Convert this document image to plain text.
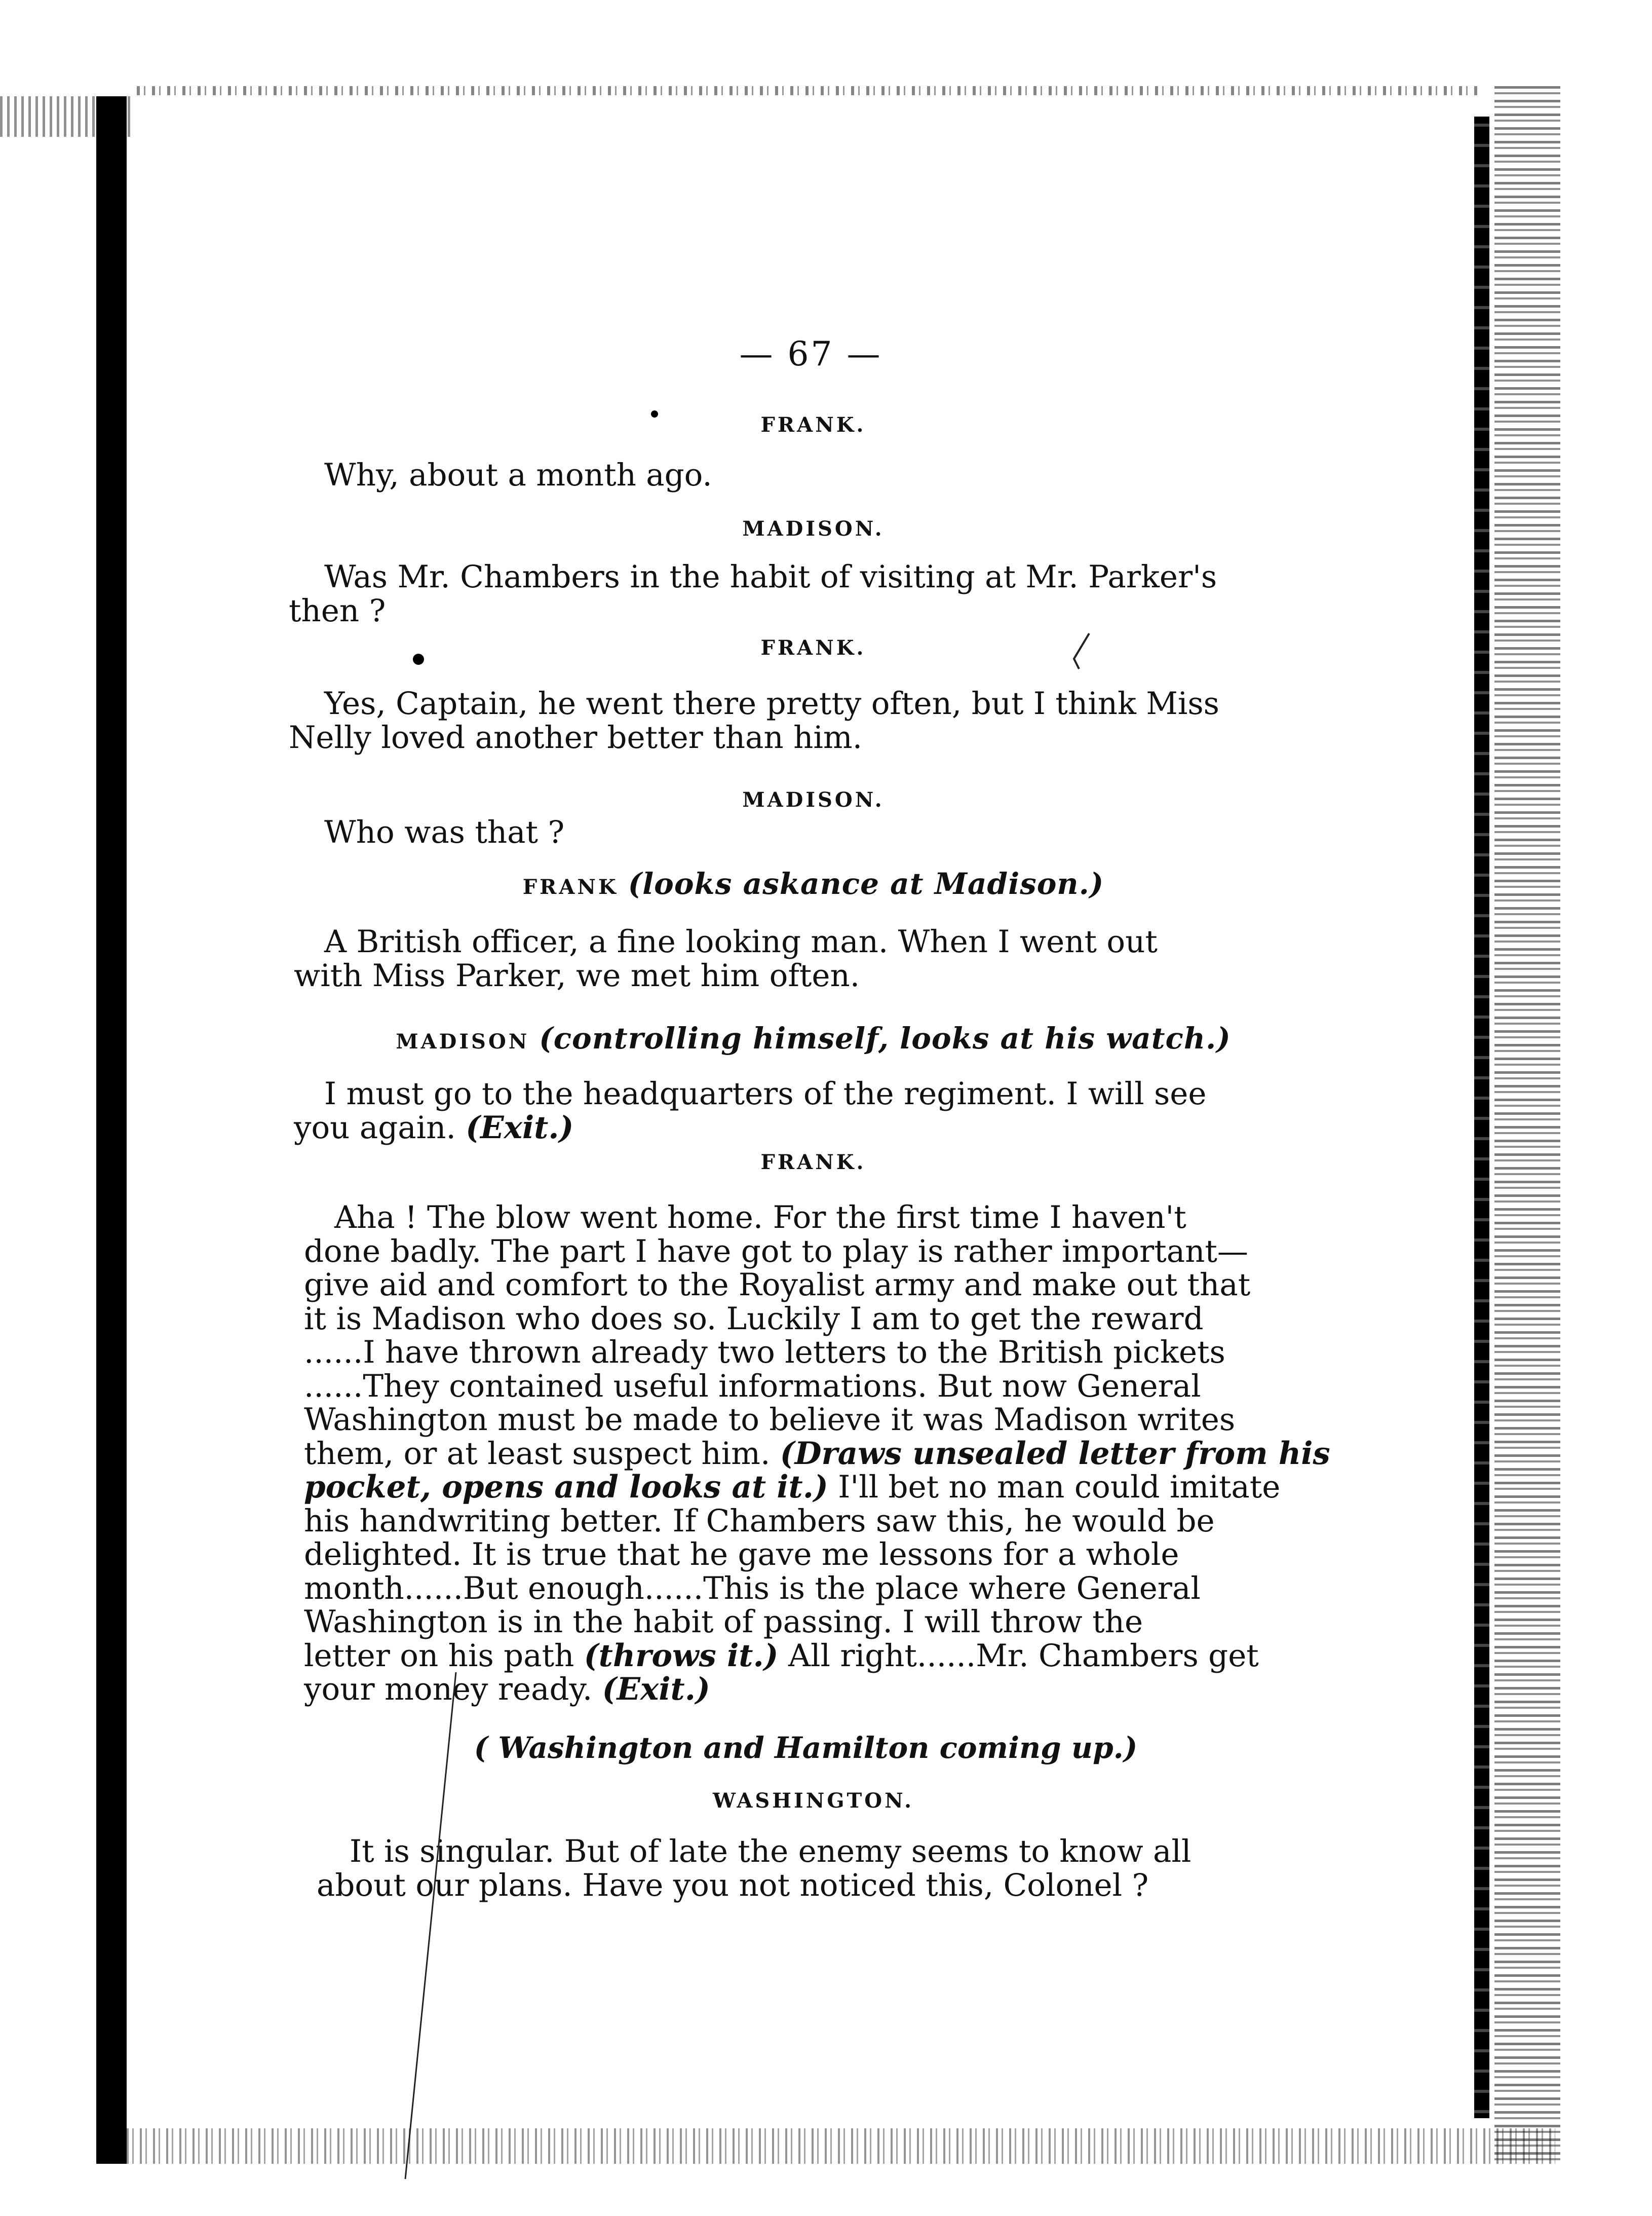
— 67 —
FRANK.
Why, about a month ago.
MADISON.
Was Mr. Chambers in the habit of visiting at Mr. Parker's
then ?
FRANK.
Yes, Captain, he went there pretty often, but I think Miss
Nelly loved another better than him.
MADISON.
Who was that ?
FRANK (looks askance at Madison.)
A British officer, a fine looking man. When I went out
with Miss Parker, we met him often.
MADISON (controlling himself, looks at his watch.)
I must go to the headquarters of the regiment. I will see
you again. (Exit.)
FRANK.
Aha ! The blow went home. For the first time I haven't
done badly. The part I have got to play is rather important—
give aid and comfort to the Royalist army and make out that
it is Madison who does so. Luckily I am to get the reward
......I have thrown already two letters to the British pickets
......They contained useful informations. But now General
Washington must be made to believe it was Madison writes
them, or at least suspect him. (Draws unsealed letter from his
pocket, opens and looks at it.) I'll bet no man could imitate
his handwriting better. If Chambers saw this, he would be
delighted. It is true that he gave me lessons for a whole
month......But enough......This is the place where General
Washington is in the habit of passing. I will throw the
letter on his path (throws it.) All right......Mr. Chambers get
your money ready. (Exit.)
( Washington and Hamilton coming up.)
WASHINGTON.
It is singular. But of late the enemy seems to know all
about our plans. Have you not noticed this, Colonel ?
